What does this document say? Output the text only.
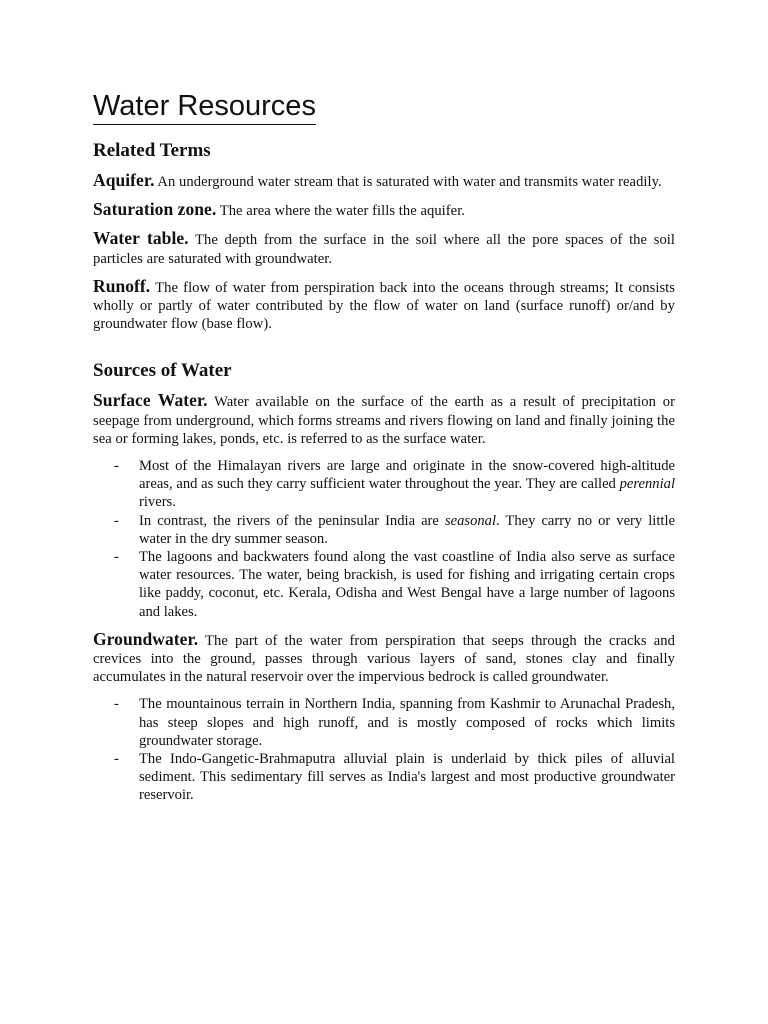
Water Resources
Related Terms

Aquifer. An underground water stream that is saturated with water and transmits water readily.

Saturation zone. The area where the water fills the aquifer.

Water table. The depth from the surface in the soil where all the pore spaces of the soil particles are saturated with groundwater.

Runoff. The flow of water from perspiration back into the oceans through streams; It consists wholly or partly of water contributed by the flow of water on land (surface runoff) or/and by groundwater flow (base flow).

Sources of Water

Surface Water. Water available on the surface of the earth as a result of precipitation or seepage from underground, which forms streams and rivers flowing on land and finally joining the sea or forming lakes, ponds, etc. is referred to as the surface water.

- Most of the Himalayan rivers are large and originate in the snow-covered high-altitude areas, and as such they carry sufficient water throughout the year. They are called perennial rivers.
- In contrast, the rivers of the peninsular India are seasonal. They carry no or very little water in the dry summer season.
- The lagoons and backwaters found along the vast coastline of India also serve as surface water resources. The water, being brackish, is used for fishing and irrigating certain crops like paddy, coconut, etc. Kerala, Odisha and West Bengal have a large number of lagoons and lakes.

Groundwater. The part of the water from perspiration that seeps through the cracks and crevices into the ground, passes through various layers of sand, stones clay and finally accumulates in the natural reservoir over the impervious bedrock is called groundwater.

- The mountainous terrain in Northern India, spanning from Kashmir to Arunachal Pradesh, has steep slopes and high runoff, and is mostly composed of rocks which limits groundwater storage.
- The Indo-Gangetic-Brahmaputra alluvial plain is underlaid by thick piles of alluvial sediment. This sedimentary fill serves as India's largest and most productive groundwater reservoir.
